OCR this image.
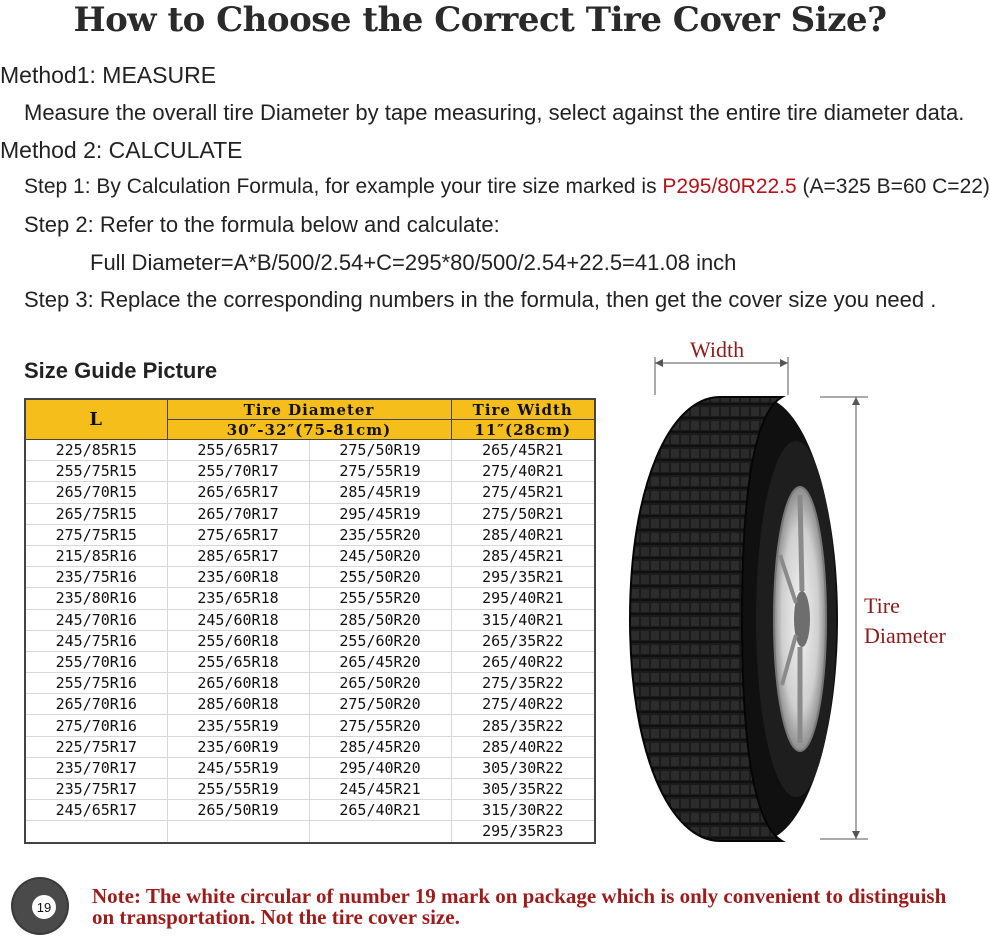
How to Choose the Correct Tire Cover Size?
Method1: MEASURE
Measure the overall tire Diameter by tape measuring, select against the entire tire diameter data.
Method 2: CALCULATE
Step 1: By Calculation Formula, for example your tire size marked is P295/80R22.5 (A=325 B=60 C=22)
Step 2: Refer to the formula below and calculate:
Full Diameter=A*B/500/2.54+C=295*80/500/2.54+22.5=41.08 inch
Step 3: Replace the corresponding numbers in the formula, then get the cover size you need .
Size Guide Picture
L	Tire Diameter		Tire Width
	30″-32″(75-81cm)		11″(28cm)
225/85R15	255/65R17	275/50R19	265/45R21
255/75R15	255/70R17	275/55R19	275/40R21
265/70R15	265/65R17	285/45R19	275/45R21
265/75R15	265/70R17	295/45R19	275/50R21
275/75R15	275/65R17	235/55R20	285/40R21
215/85R16	285/65R17	245/50R20	285/45R21
235/75R16	235/60R18	255/50R20	295/35R21
235/80R16	235/65R18	255/55R20	295/40R21
245/70R16	245/60R18	285/50R20	315/40R21
245/75R16	255/60R18	255/60R20	265/35R22
255/70R16	255/65R18	265/45R20	265/40R22
255/75R16	265/60R18	265/50R20	275/35R22
265/70R16	285/60R18	275/50R20	275/40R22
275/70R16	235/55R19	275/55R20	285/35R22
225/75R17	235/60R19	285/45R20	285/40R22
235/70R17	245/55R19	295/40R20	305/30R22
235/75R17	255/55R19	245/45R21	305/35R22
245/65R17	265/50R19	265/40R21	315/30R22
			295/35R23
Width
Tire
Diameter
19 Note: The white circular of number 19 mark on package which is only convenient to distinguish on transportation. Not the tire cover size.
